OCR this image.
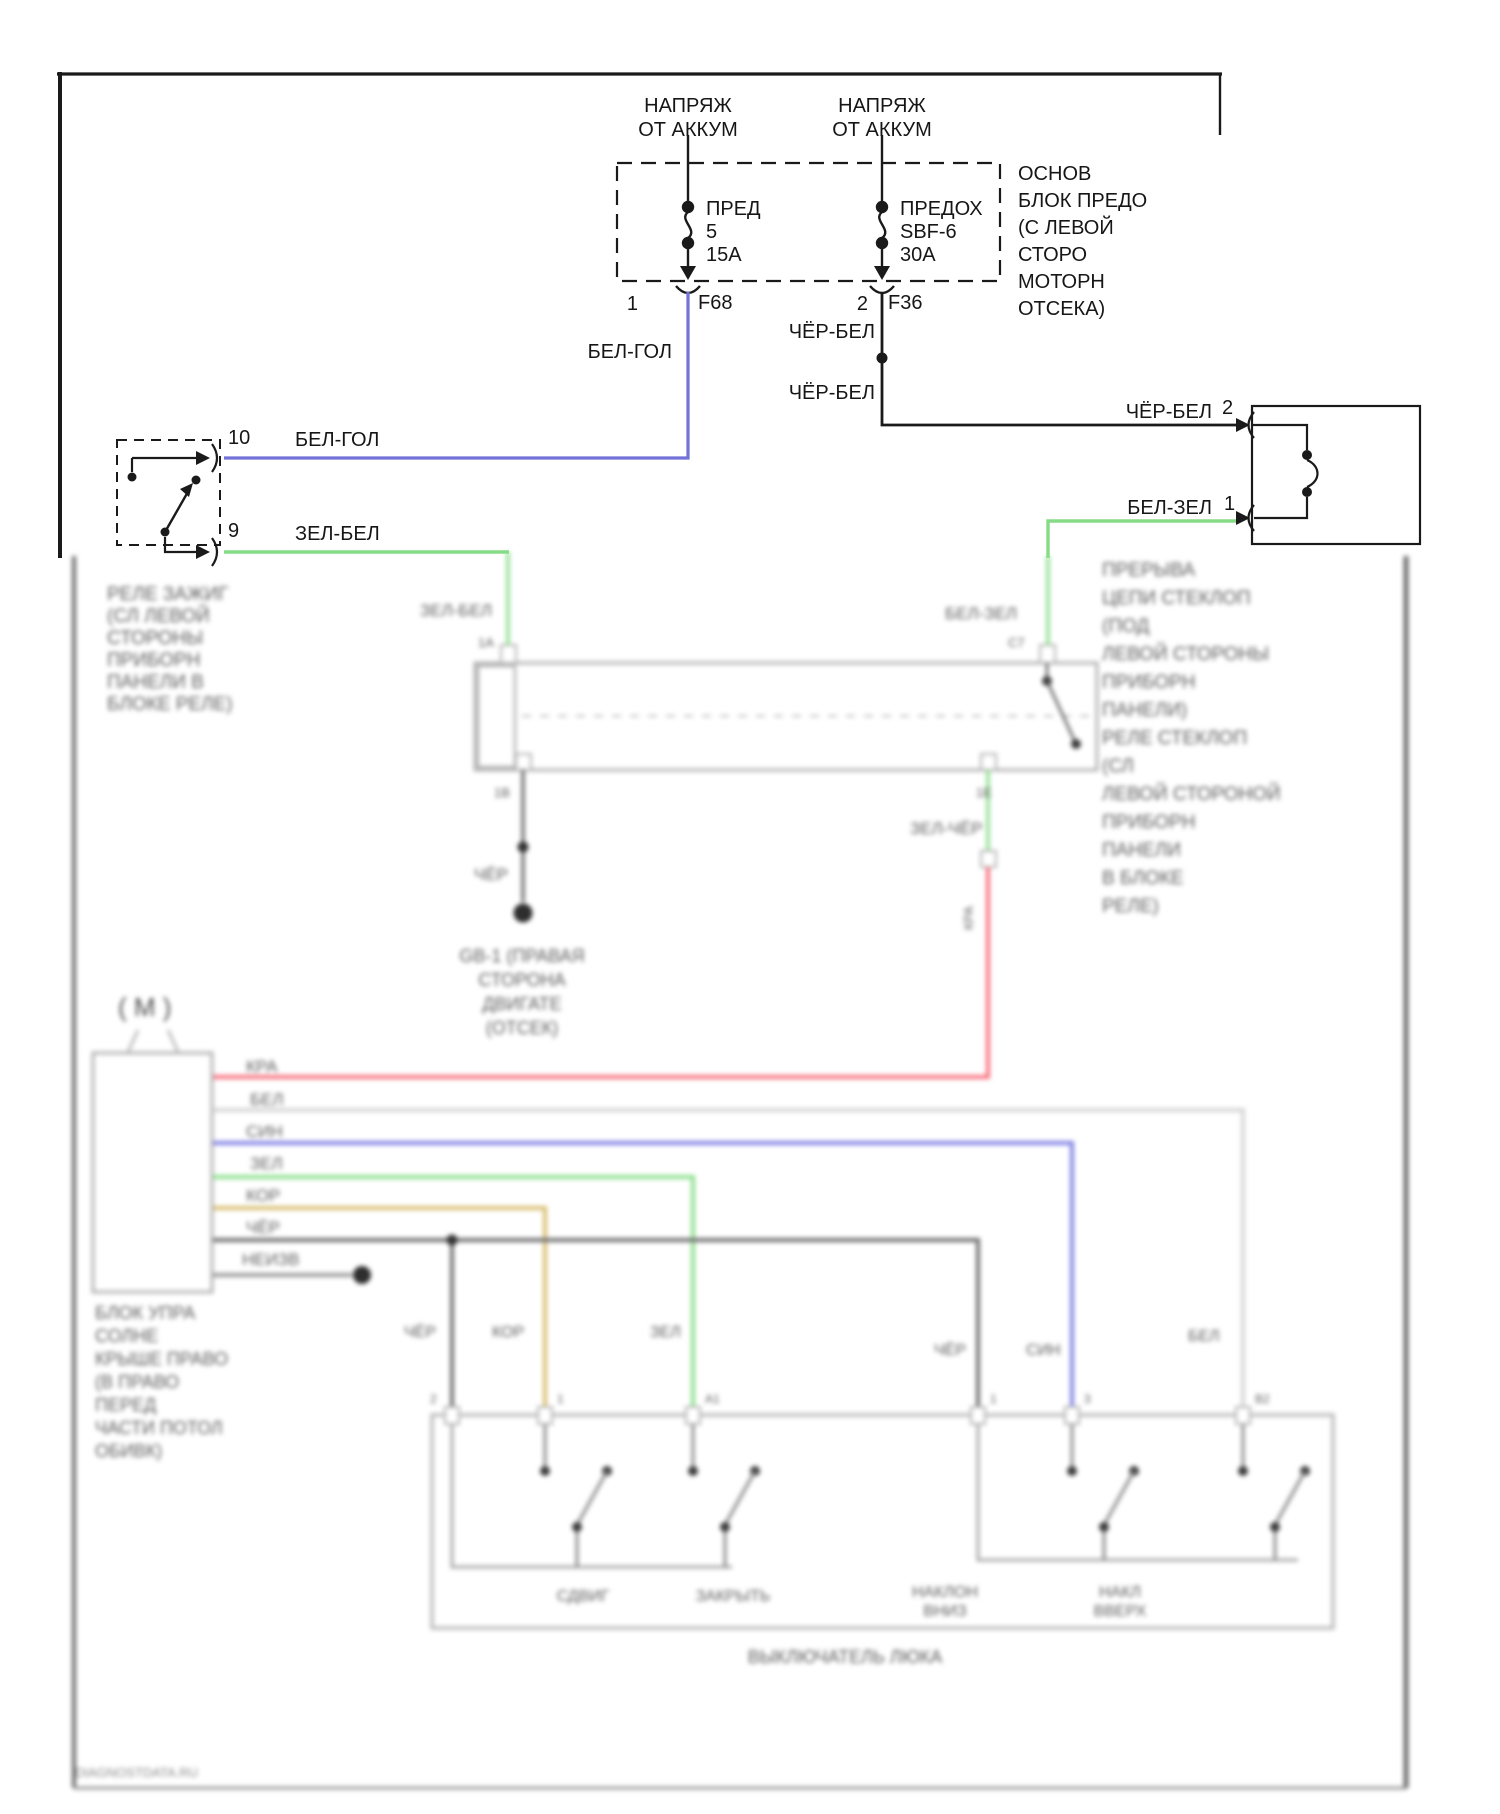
НАПРЯЖ
ОТ АККУМ
НАПРЯЖ
ОТ АККУМ
ПРЕД
5
15A
ПРЕДОХ
SBF-6
30A
ОСНОВ
БЛОК ПРЕДО
(С ЛЕВОЙ
СТОРО
МОТОРН
ОТСЕКА)
1	F68	2 F36
БЕЛ-ГОЛ
ЧЁР-БЕЛ
ЧЁР-БЕЛ
ЧЁР-БЕЛ 2
БЕЛ-ЗЕЛ 1
10 БЕЛ-ГОЛ
9	ЗЕЛ-БЕЛ
РЕЛЕ ЗАЖИГ
(СЛ ЛЕВОЙ
СТОРОНЫ
ПРИБОРН
ПАНЕЛИ В
БЛОКЕ РЕЛЕ)
ЗЕЛ-БЕЛ
1A
БЕЛ-ЗЕЛ
C7
ПРЕРЫВА
ЦЕПИ СТЕКЛОП
(ПОД
ЛЕВОЙ СТОРОНЫ
ПРИБОРН
ПАНЕЛИ)
РЕЛЕ СТЕКЛОП
(СЛ
ЛЕВОЙ СТОРОНОЙ
ПРИБОРН
ПАНЕЛИ
В БЛОКЕ
РЕЛЕ)
1B
ЧЁР
1E
ЗЕЛ-ЧЁР
КРА
GB-1 (ПРАВАЯ
СТОРОНА
ДВИГАТЕ
(ОТСЕК)
( М )
КРА
БЕЛ
СИН
ЗЕЛ
КОР
ЧЁР
НЕИЗВ
БЛОК УПРА
СОЛНЕ
КРЫШЕ ПРАВО
(В ПРАВО
ПЕРЕД
ЧАСТИ ПОТОЛ
ОБИВК)
ЧЁР	КОР	ЗЕЛ
ЧЁР	СИН
БЕЛ
2	1	A1	1	3	B2
СДВИГ	ЗАКРЫТЬ	НАКЛОН
ВНИЗ
НАКЛ
ВВЕРХ
ВЫКЛЮЧАТЕЛЬ ЛЮКА
DIAGNOSTDATA.RU
